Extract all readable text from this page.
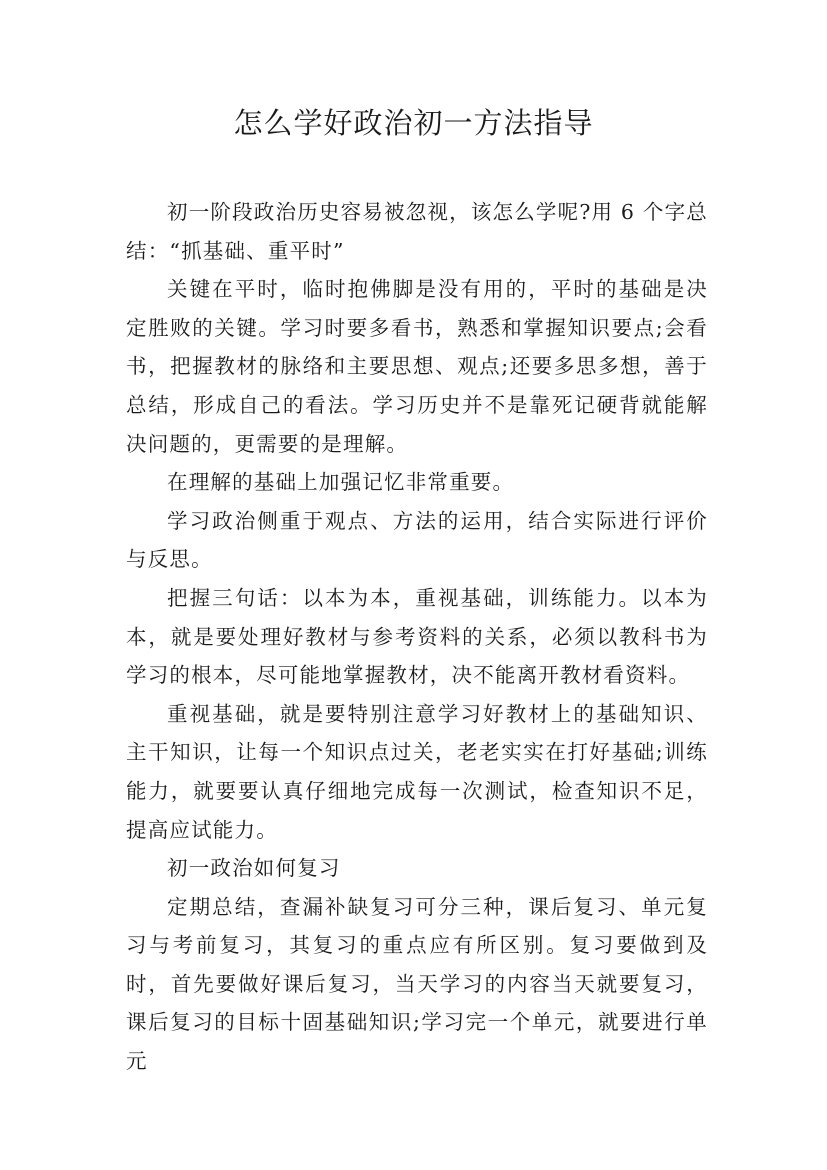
怎么学好政治初一方法指导

初一阶段政治历史容易被忽视，该怎么学呢?用 6 个字总结：“抓基础、重平时”

关键在平时，临时抱佛脚是没有用的，平时的基础是决定胜败的关键。学习时要多看书，熟悉和掌握知识要点;会看书，把握教材的脉络和主要思想、观点;还要多思多想，善于总结，形成自己的看法。学习历史并不是靠死记硬背就能解决问题的，更需要的是理解。

在理解的基础上加强记忆非常重要。

学习政治侧重于观点、方法的运用，结合实际进行评价与反思。

把握三句话：以本为本，重视基础，训练能力。以本为本，就是要处理好教材与参考资料的关系，必须以教科书为学习的根本，尽可能地掌握教材，决不能离开教材看资料。

重视基础，就是要特别注意学习好教材上的基础知识、主干知识，让每一个知识点过关，老老实实在打好基础;训练能力，就要要认真仔细地完成每一次测试，检查知识不足，提高应试能力。

初一政治如何复习

定期总结，查漏补缺复习可分三种，课后复习、单元复习与考前复习，其复习的重点应有所区别。复习要做到及时，首先要做好课后复习，当天学习的内容当天就要复习，课后复习的目标十固基础知识;学习完一个单元，就要进行单元
